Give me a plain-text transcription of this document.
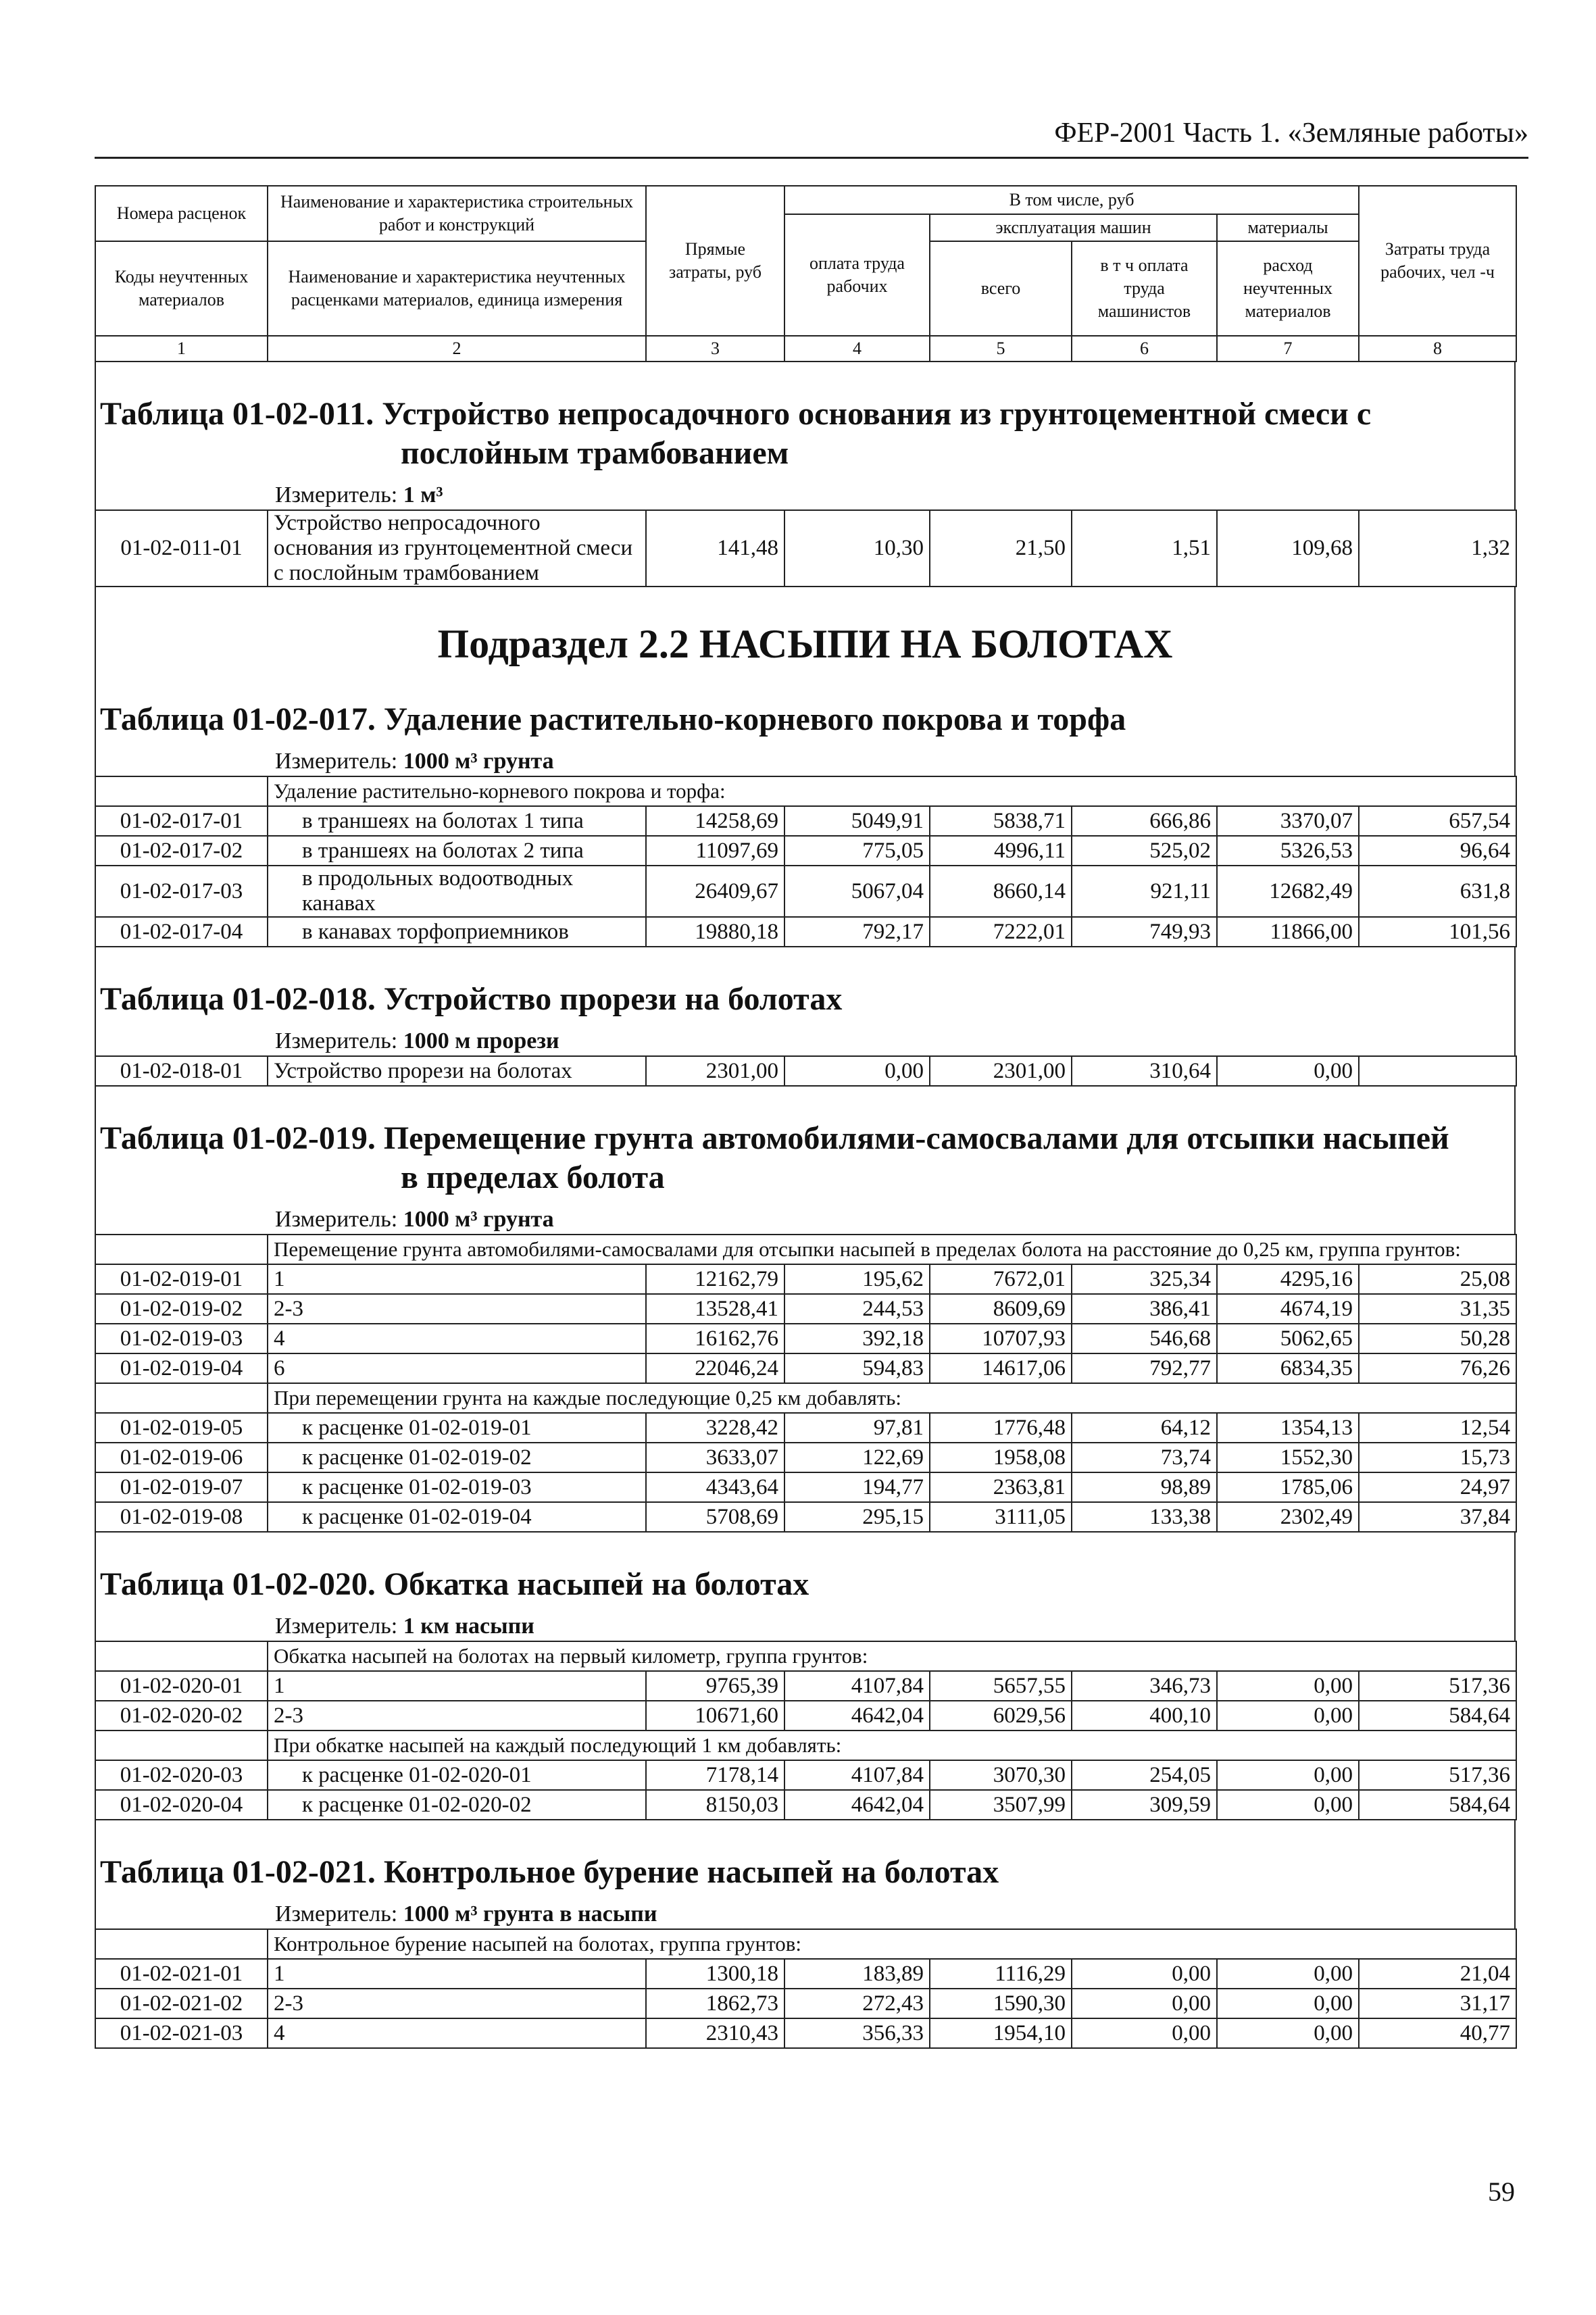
ФЕР-2001 Часть 1. «Земляные работы»
Номера расценок	Наименование и характеристика строительных работ и конструкций	Прямые затраты, руб	В том числе, руб				Затраты труда рабочих, чел -ч
			оплата труда рабочих	эксплуатация машин		материалы	
Коды неучтенных материалов	Наименование и характеристика неучтенных расценками материалов, единица измерения			всего	в т ч оплата труда машинистов	расход неучтенных материалов	

1	2	3	4	5	6	7	8
Таблица 01-02-011. Устройство непросадочного основания из грунтоцементной смеси с
послойным трамбованием
Измеритель: 1 м³
01-02-011-01	Устройство непросадочного основания из грунтоцементной смеси с послойным трамбованием	141,48	10,30	21,50	1,51	109,68	1,32
Подраздел 2.2 НАСЫПИ НА БОЛОТАХ
Таблица 01-02-017. Удаление растительно-корневого покрова и торфа
Измеритель: 1000 м³ грунта
	Удаление растительно-корневого покрова и торфа:						
01-02-017-01	в траншеях на болотах 1 типа	14258,69	5049,91	5838,71	666,86	3370,07	657,54
01-02-017-02	в траншеях на болотах 2 типа	11097,69	775,05	4996,11	525,02	5326,53	96,64
01-02-017-03	в продольных водоотводных канавах	26409,67	5067,04	8660,14	921,11	12682,49	631,8
01-02-017-04	в канавах торфоприемников	19880,18	792,17	7222,01	749,93	11866,00	101,56
Таблица 01-02-018. Устройство прорези на болотах
Измеритель: 1000 м прорези
01-02-018-01	Устройство прорези на болотах	2301,00	0,00	2301,00	310,64	0,00	
Таблица 01-02-019. Перемещение грунта автомобилями-самосвалами для отсыпки насыпей
в пределах болота
Измеритель: 1000 м³ грунта
	Перемещение грунта автомобилями-самосвалами для отсыпки насыпей в пределах болота на расстояние до 0,25 км, группа грунтов:						
01-02-019-01	1	12162,79	195,62	7672,01	325,34	4295,16	25,08
01-02-019-02	2-3	13528,41	244,53	8609,69	386,41	4674,19	31,35
01-02-019-03	4	16162,76	392,18	10707,93	546,68	5062,65	50,28
01-02-019-04	6	22046,24	594,83	14617,06	792,77	6834,35	76,26
	При перемещении грунта на каждые последующие 0,25 км добавлять:						
01-02-019-05	к расценке 01-02-019-01	3228,42	97,81	1776,48	64,12	1354,13	12,54
01-02-019-06	к расценке 01-02-019-02	3633,07	122,69	1958,08	73,74	1552,30	15,73
01-02-019-07	к расценке 01-02-019-03	4343,64	194,77	2363,81	98,89	1785,06	24,97
01-02-019-08	к расценке 01-02-019-04	5708,69	295,15	3111,05	133,38	2302,49	37,84
Таблица 01-02-020. Обкатка насыпей на болотах
Измеритель: 1 км насыпи
	Обкатка насыпей на болотах на первый километр, группа грунтов:						
01-02-020-01	1	9765,39	4107,84	5657,55	346,73	0,00	517,36
01-02-020-02	2-3	10671,60	4642,04	6029,56	400,10	0,00	584,64
	При обкатке насыпей на каждый последующий 1 км добавлять:						
01-02-020-03	к расценке 01-02-020-01	7178,14	4107,84	3070,30	254,05	0,00	517,36
01-02-020-04	к расценке 01-02-020-02	8150,03	4642,04	3507,99	309,59	0,00	584,64
Таблица 01-02-021. Контрольное бурение насыпей на болотах
Измеритель: 1000 м³ грунта в насыпи
	Контрольное бурение насыпей на болотах, группа грунтов:						
01-02-021-01	1	1300,18	183,89	1116,29	0,00	0,00	21,04
01-02-021-02	2-3	1862,73	272,43	1590,30	0,00	0,00	31,17
01-02-021-03	4	2310,43	356,33	1954,10	0,00	0,00	40,77
59
